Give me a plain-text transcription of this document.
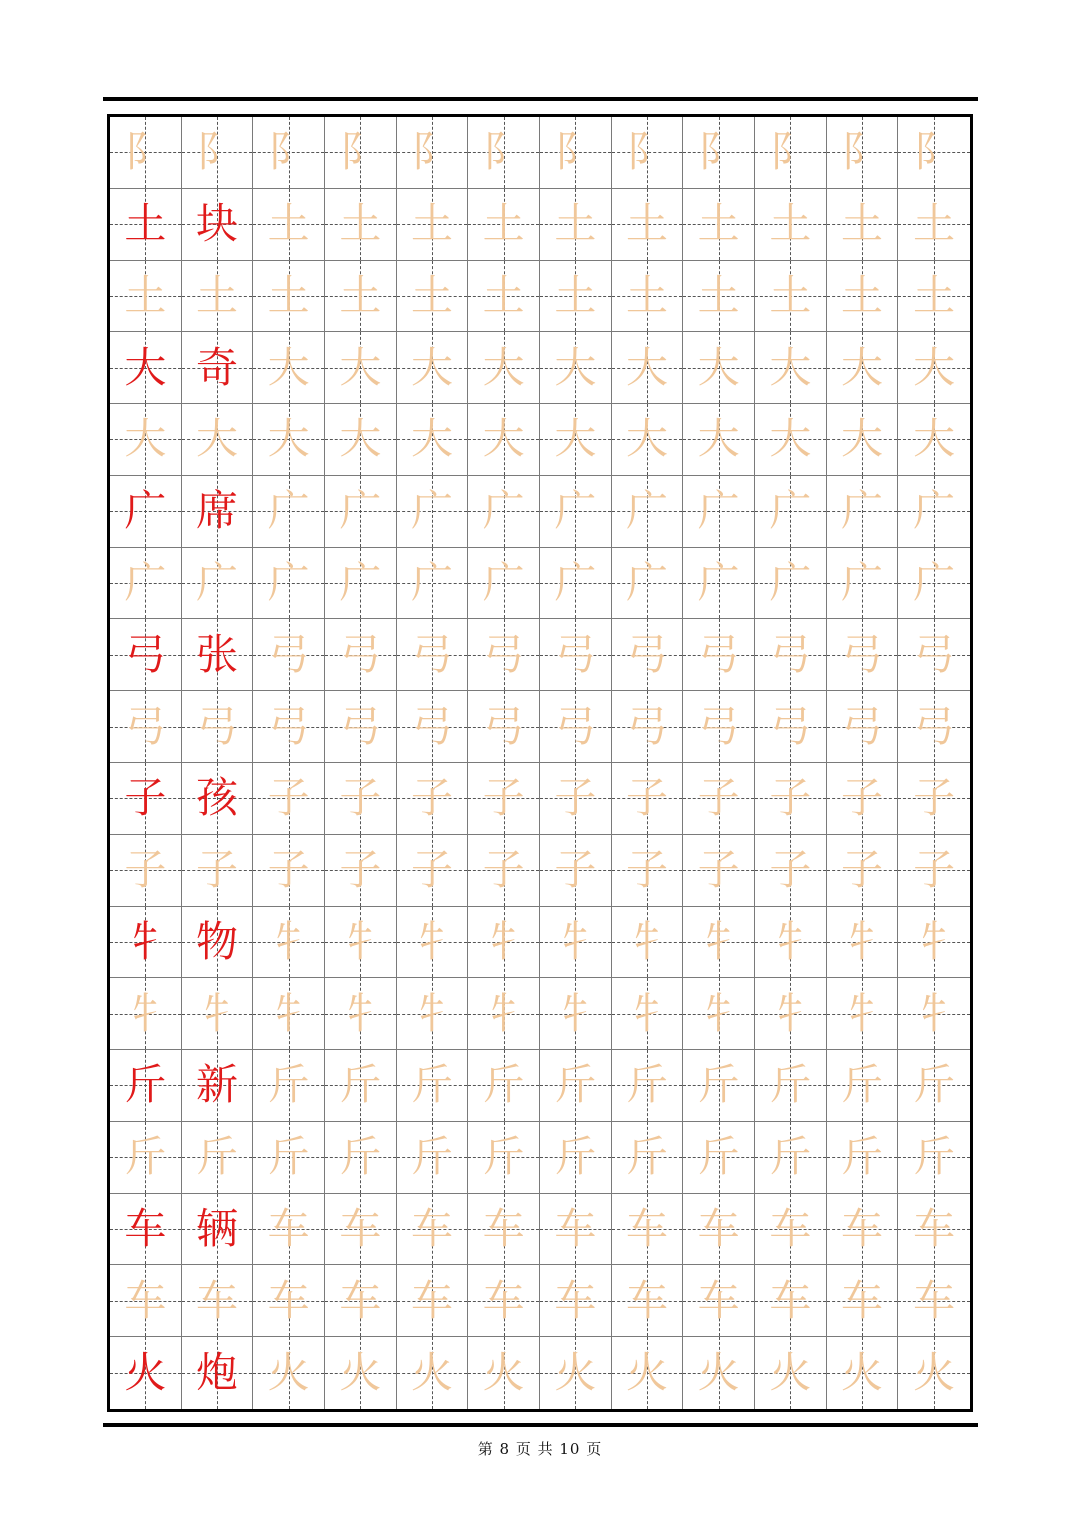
阝 阝 阝 阝 阝 阝 阝 阝 阝 阝 阝 阝
土 块 土 土 土 土 土 土 土 土 土 土
土 土 土 土 土 土 土 土 土 土 土 土
大 奇 大 大 大 大 大 大 大 大 大 大
大 大 大 大 大 大 大 大 大 大 大 大
广 席 广 广 广 广 广 广 广 广 广 广
广 广 广 广 广 广 广 广 广 广 广 广
弓 张 弓 弓 弓 弓 弓 弓 弓 弓 弓 弓
弓 弓 弓 弓 弓 弓 弓 弓 弓 弓 弓 弓
子 孩 子 子 子 子 子 子 子 子 子 子
子 子 子 子 子 子 子 子 子 子 子 子
牜 物 牜 牜 牜 牜 牜 牜 牜 牜 牜 牜
牜 牜 牜 牜 牜 牜 牜 牜 牜 牜 牜 牜
斤 新 斤 斤 斤 斤 斤 斤 斤 斤 斤 斤
斤 斤 斤 斤 斤 斤 斤 斤 斤 斤 斤 斤
车 辆 车 车 车 车 车 车 车 车 车 车
车 车 车 车 车 车 车 车 车 车 车 车
火 炮 火 火 火 火 火 火 火 火 火 火
第 8 页 共 10 页
